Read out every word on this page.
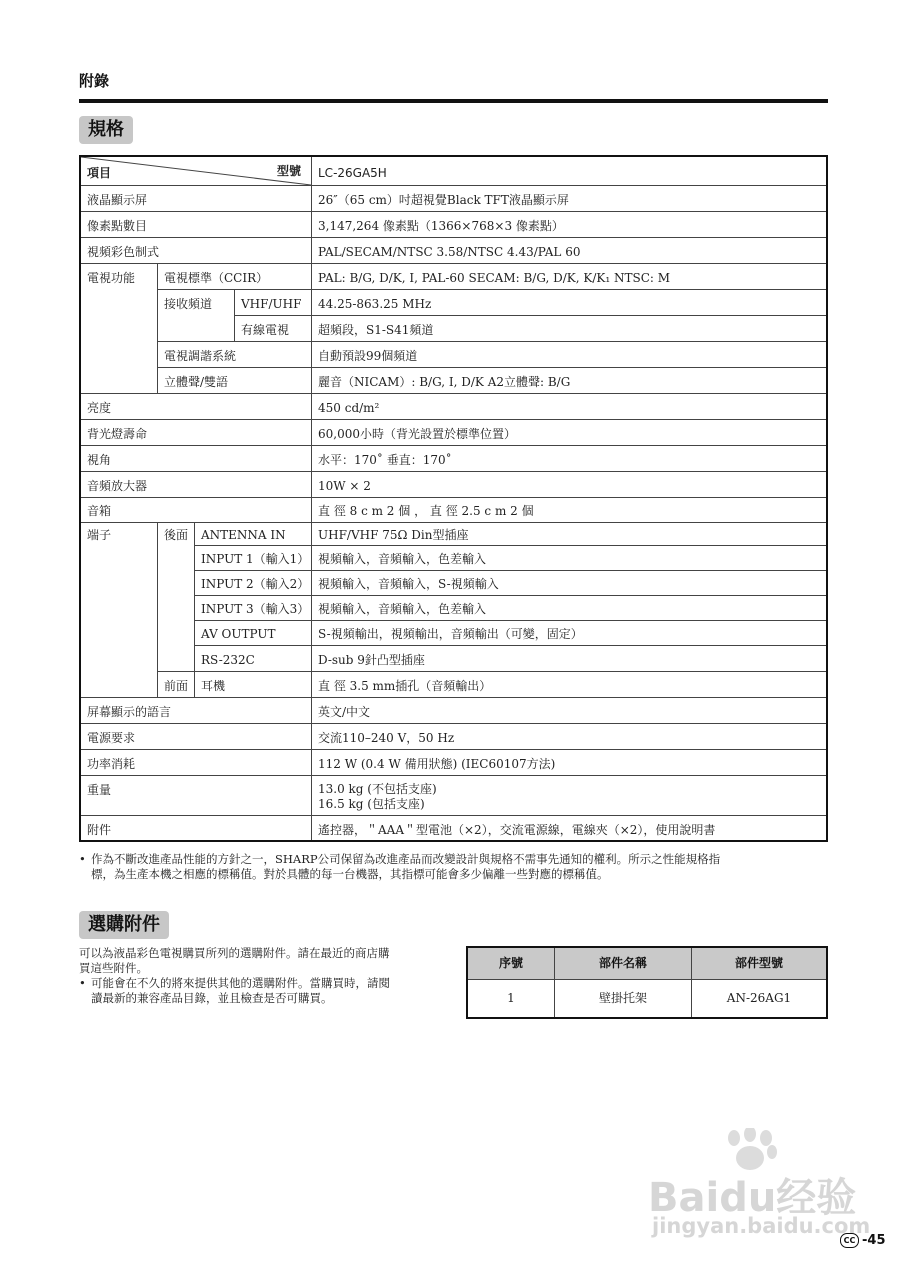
附錄
規格
項目	型號	LC-26GA5H
液晶顯示屏	26″（65 cm）吋超視覺Black TFT液晶顯示屏
像素點數目	3,147,264 像素點（1366×768×3 像素點）
視頻彩色制式	PAL/SECAM/NTSC 3.58/NTSC 4.43/PAL 60
電視功能	電視標準（CCIR）	PAL: B/G, D/K, I, PAL-60 SECAM: B/G, D/K, K/K₁ NTSC: M
接收頻道	VHF/UHF	44.25-863.25 MHz
有線電視	超頻段，S1-S41頻道
電視調諧系統	自動預設99個頻道
立體聲/雙語	麗音（NICAM）: B/G, I, D/K A2立體聲: B/G
亮度	450 cd/m²
背光燈壽命	60,000小時（背光設置於標準位置）
視角	水平：170˚ 垂直：170˚
音頻放大器	10W × 2
音箱	直 徑 8 c m 2 個 ， 直 徑 2.5 c m 2 個
端子	後面	ANTENNA IN	UHF/VHF 75Ω Din型插座
INPUT 1（輸入1） 視頻輸入，音頻輸入，色差輸入
INPUT 2（輸入2） 視頻輸入，音頻輸入，S-視頻輸入
INPUT 3（輸入3） 視頻輸入，音頻輸入，色差輸入
AV OUTPUT	S-視頻輸出，視頻輸出，音頻輸出（可變，固定）
RS-232C	D-sub 9針凸型插座
前面	耳機	直 徑 3.5 mm插孔（音頻輸出）
屏幕顯示的語言	英文/中文
電源要求	交流110–240 V，50 Hz
功率消耗	112 W (0.4 W 備用狀態) (IEC60107方法)
重量	13.0 kg (不包括支座)
16.5 kg (包括支座)
附件	遙控器，＂AAA＂型電池（×2），交流電源線，電線夾（×2），使用說明書
• 作為不斷改進產品性能的方針之一，SHARP公司保留為改進產品而改變設計與規格不需事先通知的權利。所示之性能規格指
標，為生產本機之相應的標稱值。對於具體的每一台機器，其指標可能會多少偏離一些對應的標稱值。
選購附件
可以為液晶彩色電視購買所列的選購附件。請在最近的商店購
買這些附件。
• 可能會在不久的將來提供其他的選購附件。當購買時，請閱
讀最新的兼容產品目錄，並且檢查是否可購買。
序號	部件名稱	部件型號
1	壁掛托架	AN-26AG1
Baidu经验
jingyan.baidu.com
CC -45
